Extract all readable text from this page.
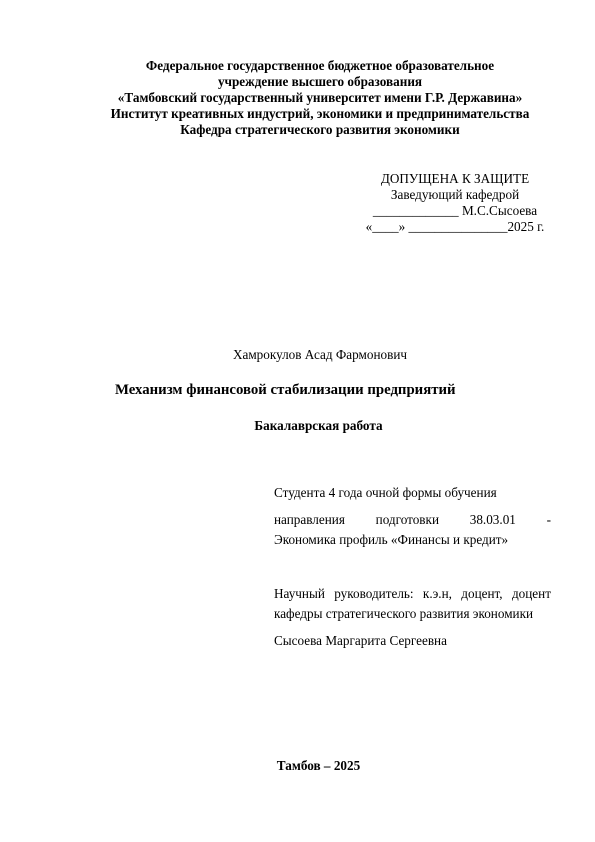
Федеральное государственное бюджетное образовательное
учреждение высшего образования
«Тамбовский государственный университет имени Г.Р. Державина»
Институт креативных индустрий, экономики и предпринимательства
Кафедра стратегического развития экономики
ДОПУЩЕНА К ЗАЩИТЕ
Заведующий кафедрой
_____________ М.С.Сысоева
«____» _______________2025 г.
Хамрокулов Асад Фармонович
Механизм финансовой стабилизации предприятий
Бакалаврская работа
Студента 4 года очной формы обучения
направления подготовки 38.03.01 -
Экономика профиль «Финансы и кредит»
Научный руководитель: к.э.н, доцент, доцент
кафедры стратегического развития экономики
Сысоева Маргарита Сергеевна
Тамбов – 2025
